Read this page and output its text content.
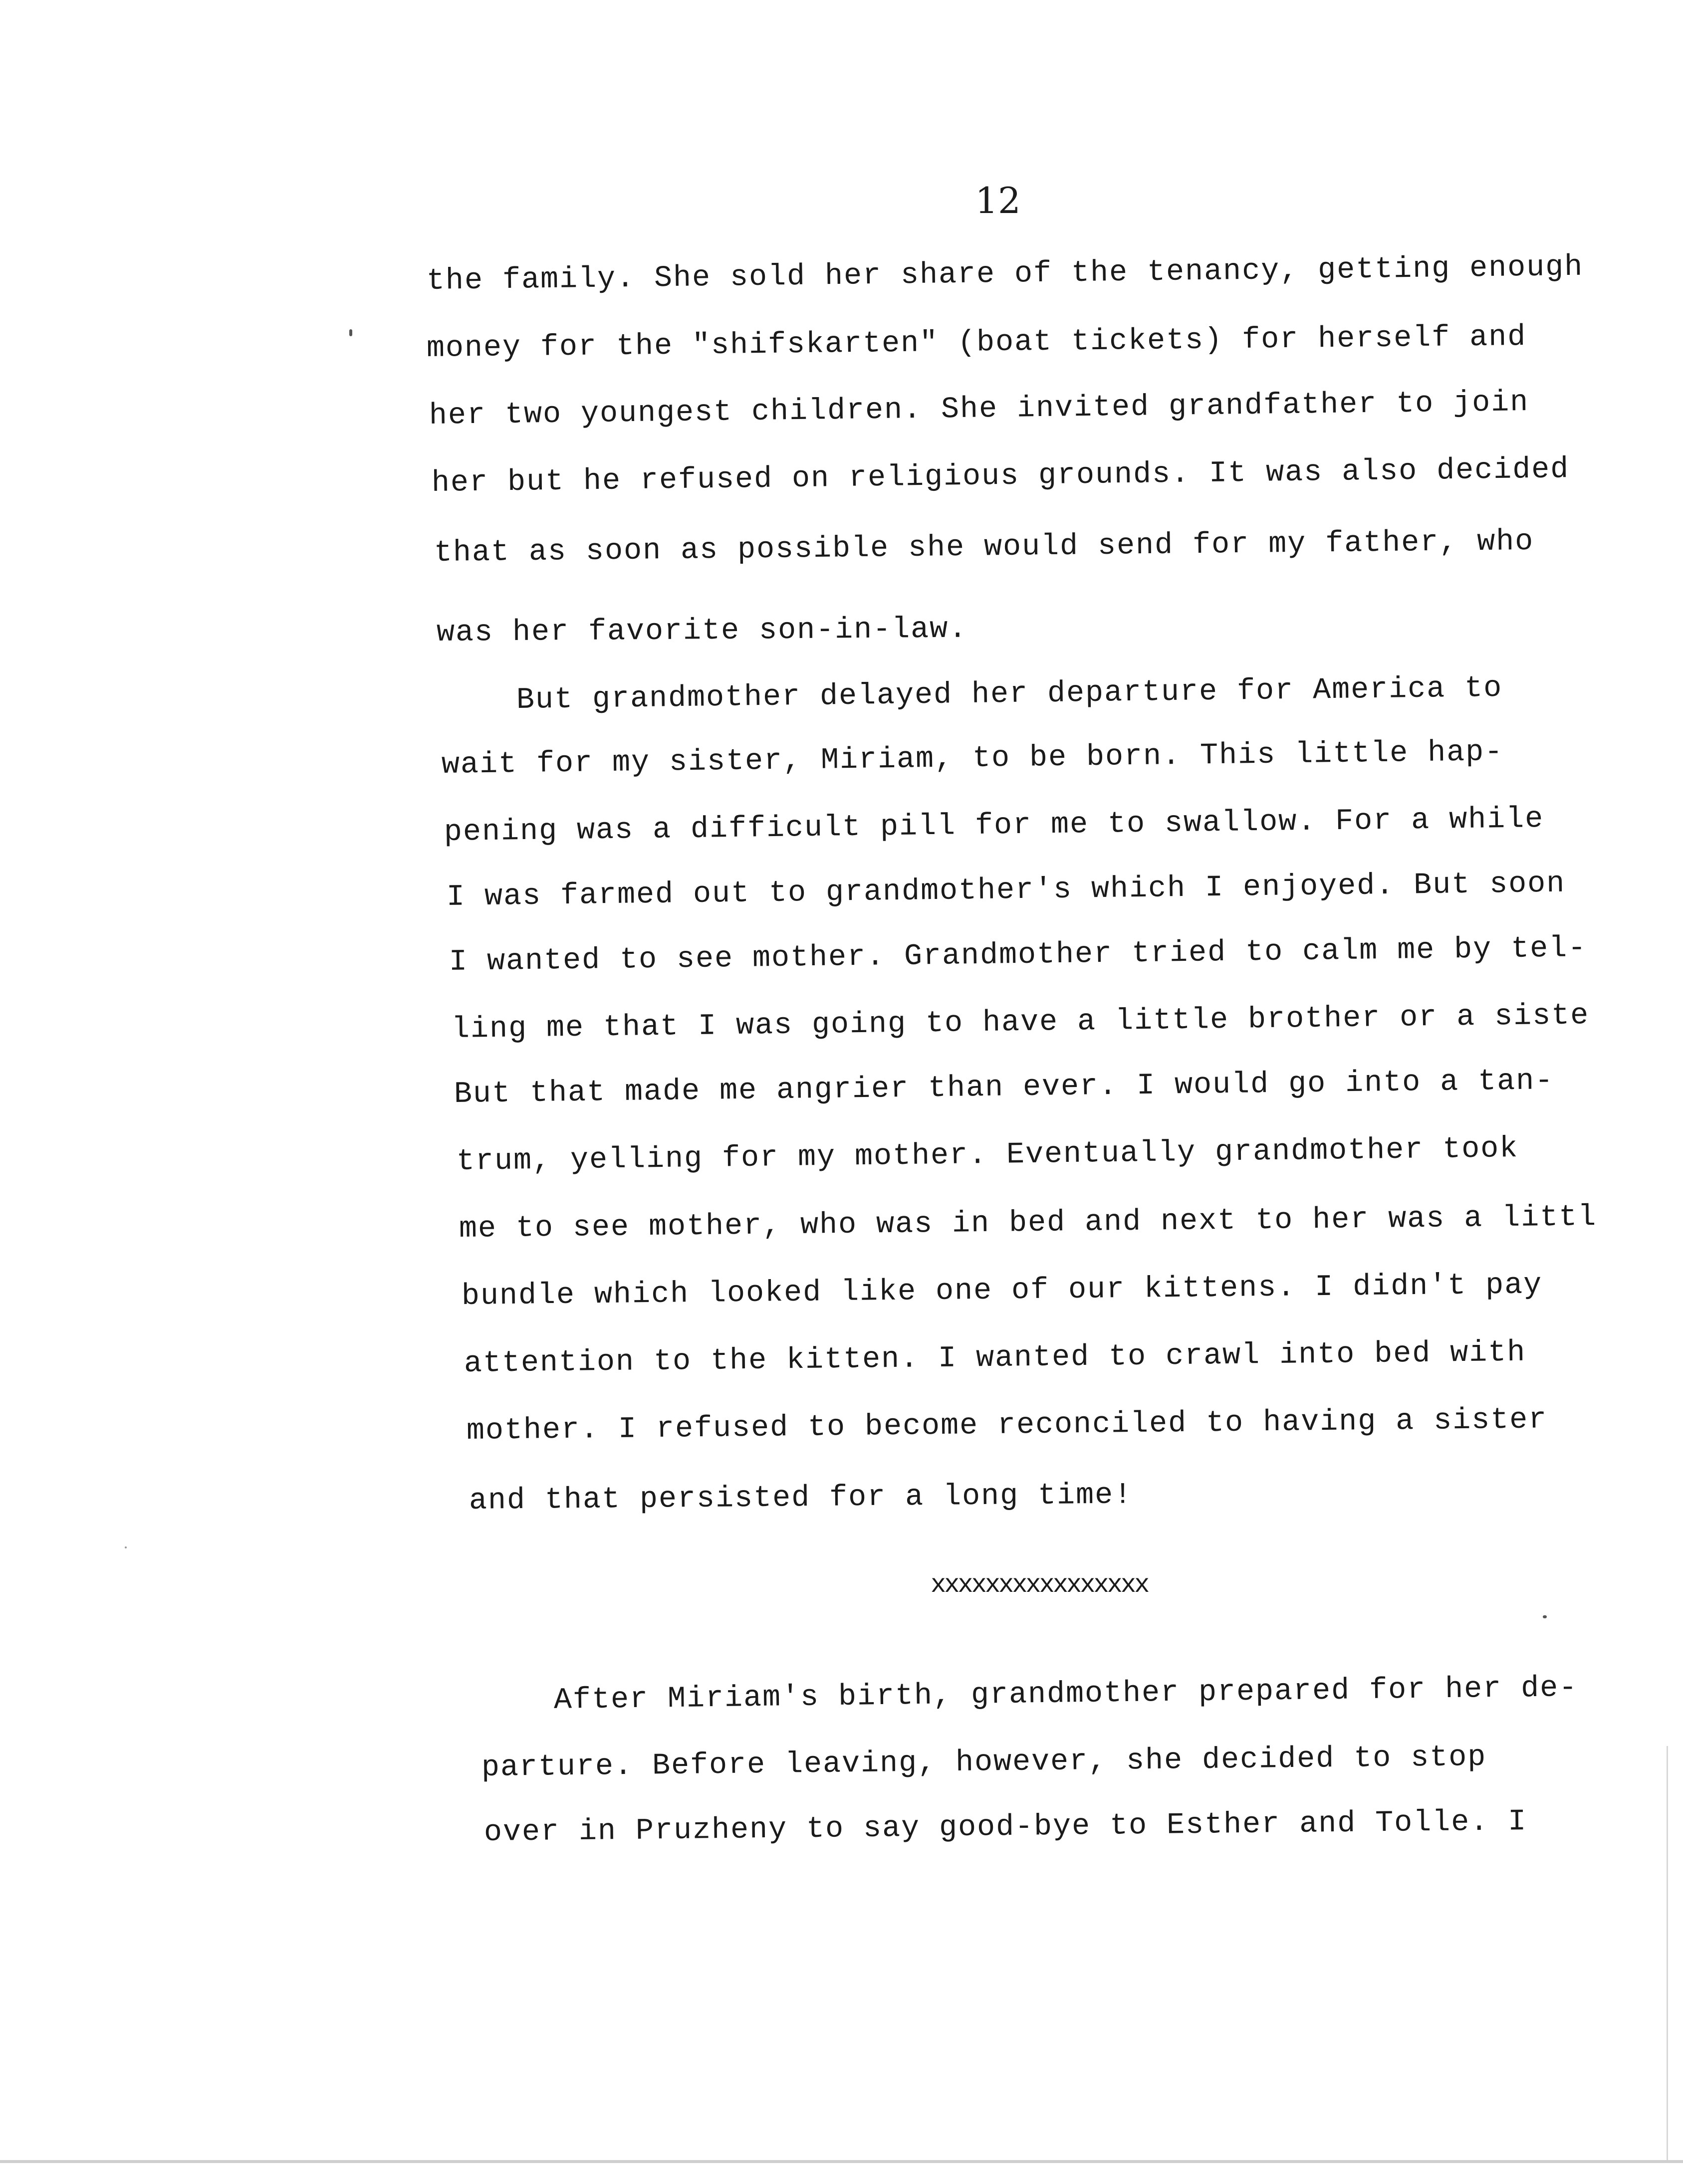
12
the family. She sold her share of the tenancy, getting enough
money for the "shifskarten" (boat tickets) for herself and
her two youngest children. She invited grandfather to join
her but he refused on religious grounds. It was also decided
that as soon as possible she would send for my father, who
was her favorite son-in-law.
But grandmother delayed her departure for America to
wait for my sister, Miriam, to be born. This little hap-
pening was a difficult pill for me to swallow. For a while
I was farmed out to grandmother's which I enjoyed. But soon
I wanted to see mother. Grandmother tried to calm me by tel-
ling me that I was going to have a little brother or a siste
But that made me angrier than ever. I would go into a tan-
trum, yelling for my mother. Eventually grandmother took
me to see mother, who was in bed and next to her was a littl
bundle which looked like one of our kittens. I didn't pay
attention to the kitten. I wanted to crawl into bed with
mother. I refused to become reconciled to having a sister
and that persisted for a long time!
xxxxxxxxxxxxxxxx
After Miriam's birth, grandmother prepared for her de-
parture. Before leaving, however, she decided to stop
over in Pruzheny to say good-bye to Esther and Tolle. I
